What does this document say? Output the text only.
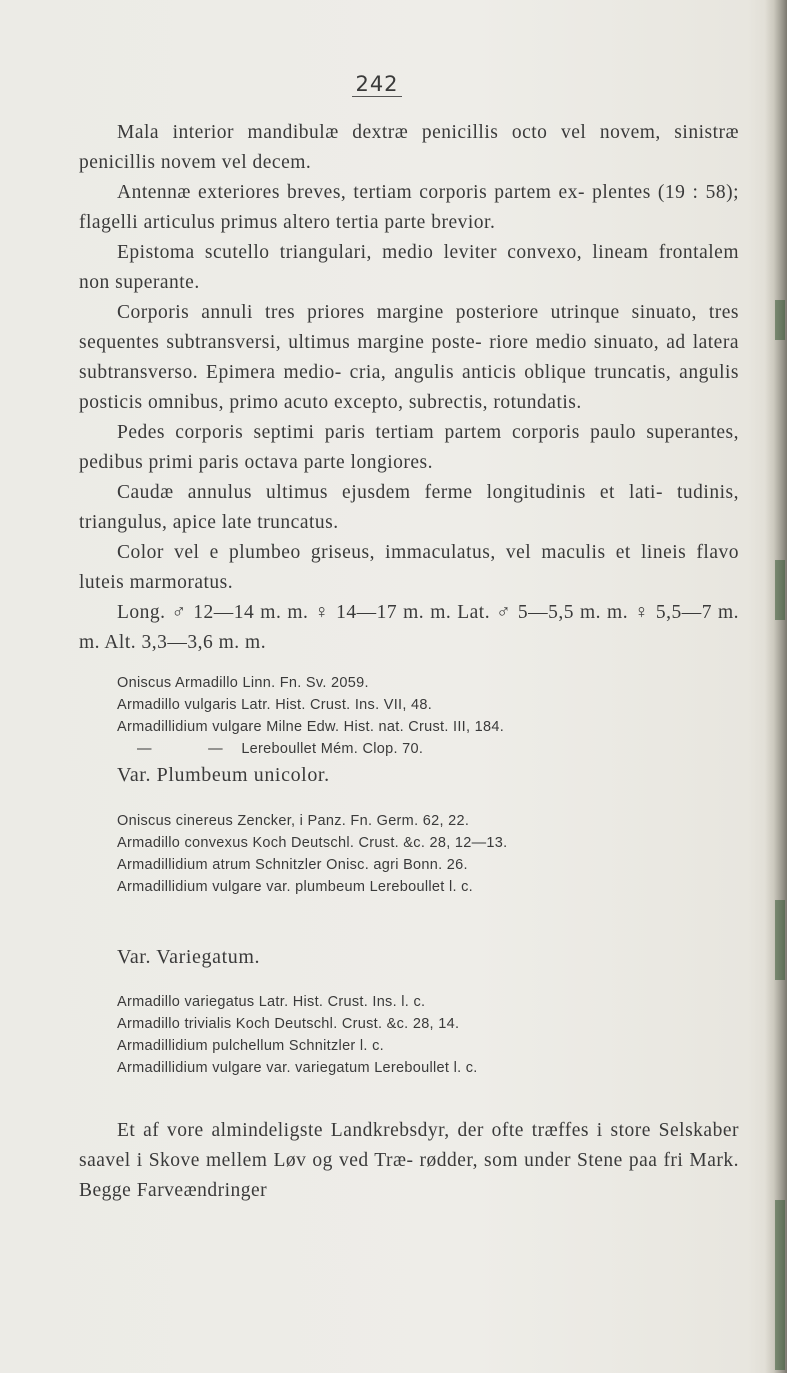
242

Mala interior mandibulæ dextræ penicillis octo vel novem, sinistræ penicillis novem vel decem.

Antennæ exteriores breves, tertiam corporis partem ex- plentes (19 : 58); flagelli articulus primus altero tertia parte brevior.

Epistoma scutello triangulari, medio leviter convexo, lineam frontalem non superante.

Corporis annuli tres priores margine posteriore utrinque sinuato, tres sequentes subtransversi, ultimus margine poste- riore medio sinuato, ad latera subtransverso. Epimera medio- cria, angulis anticis oblique truncatis, angulis posticis omnibus, primo acuto excepto, subrectis, rotundatis.

Pedes corporis septimi paris tertiam partem corporis paulo superantes, pedibus primi paris octava parte longiores.

Caudæ annulus ultimus ejusdem ferme longitudinis et lati- tudinis, triangulus, apice late truncatus.

Color vel e plumbeo griseus, immaculatus, vel maculis et lineis flavo luteis marmoratus.

Long. ♂ 12—14 m. m. ♀ 14—17 m. m. Lat. ♂ 5—5,5 m. m. ♀ 5,5—7 m. m. Alt. 3,3—3,6 m. m.

Oniscus Armadillo Linn. Fn. Sv. 2059.
Armadillo vulgaris Latr. Hist. Crust. Ins. VII, 48.
Armadillidium vulgare Milne Edw. Hist. nat. Crust. III, 184.
—	— Lereboullet Mém. Clop. 70.
Var. Plumbeum unicolor.
Oniscus cinereus Zencker, i Panz. Fn. Germ. 62, 22.
Armadillo convexus Koch Deutschl. Crust. &c. 28, 12—13.
Armadillidium atrum Schnitzler Onisc. agri Bonn. 26.
Armadillidium vulgare var. plumbeum Lereboullet l. c.
Var. Variegatum.
Armadillo variegatus Latr. Hist. Crust. Ins. l. c.
Armadillo trivialis Koch Deutschl. Crust. &c. 28, 14.
Armadillidium pulchellum Schnitzler l. c.
Armadillidium vulgare var. variegatum Lereboullet l. c.

Et af vore almindeligste Landkrebsdyr, der ofte træffes i store Selskaber saavel i Skove mellem Løv og ved Træ- rødder, som under Stene paa fri Mark. Begge Farveændringer
